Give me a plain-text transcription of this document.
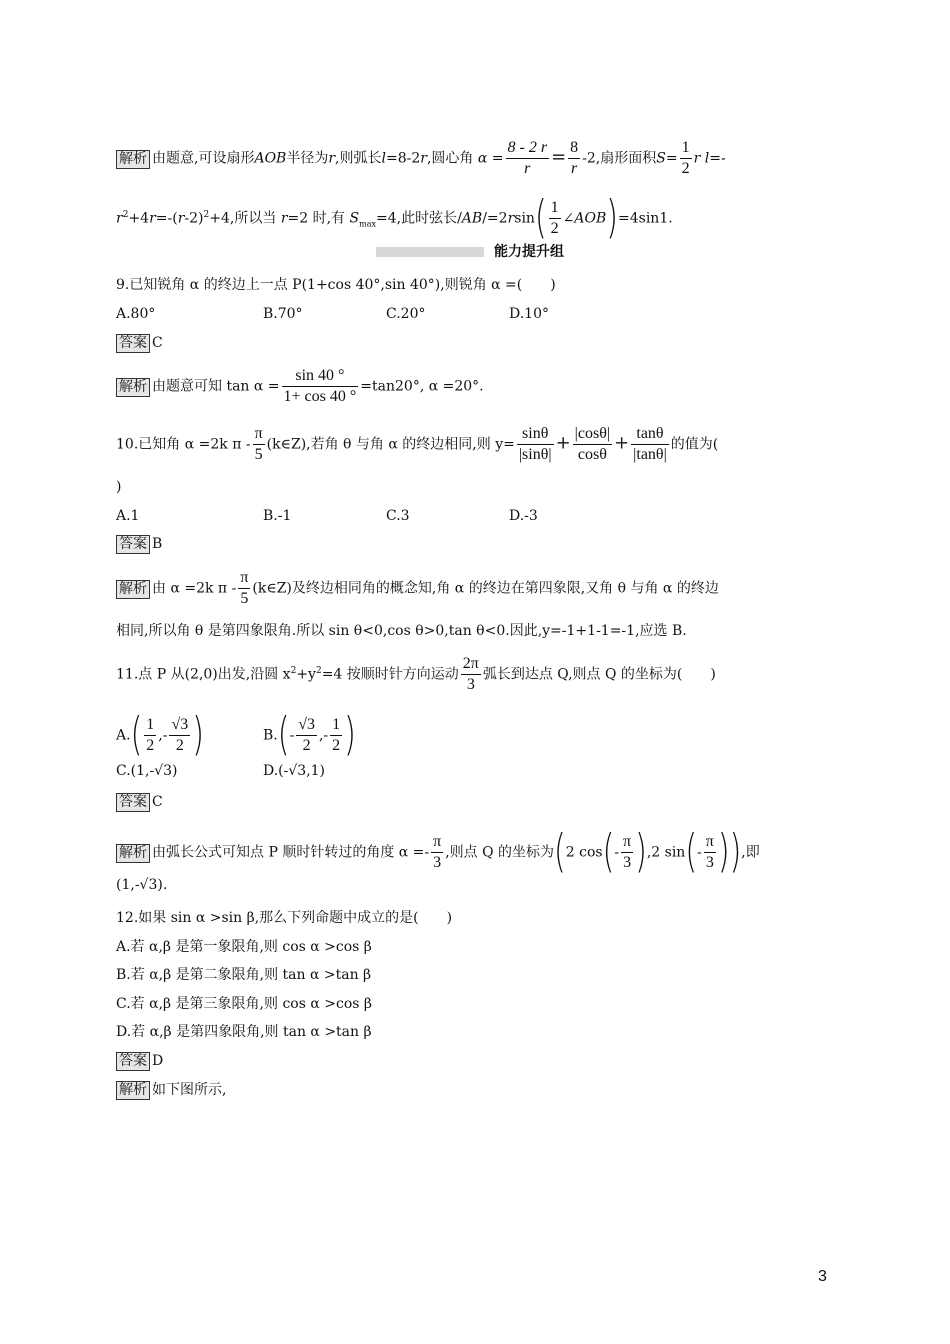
解析 由题意,可设扇形AOB半径为r,则弧长l=8-2r,圆心角 $\alpha = \frac{8 - 2 r}{r} = \frac{8}{r} -2$,扇形面积$S= \frac{1}{2}$ r l=-
$r^2+4r=-(r-2)^2+4$,所以当 r=2 时,有 $S_{max}=4$,此时弦长$/AB/=2rsin( \frac{1}{2}$ ∠AOB)=4sin1.
能力提升组
9.已知锐角 α 的终边上一点 P(1+cos 40°,sin 40°),则锐角 α =(　　)
A.80°	B.70°	C.20°	D.10°
答案 C
解析 由题意可知 $\tan \alpha = \frac{\sin 40 ^\circ}{1+ \cos 40 ^\circ} =\tan 20^\circ$, α =20°.
10.已知角 α =2k π - $\frac{\pi}{5}$ (k∈Z),若角 θ 与角 α 的终边相同,则 $y= \frac{\sin\theta}{|\sin\theta|} + \frac{|\cos\theta|}{\cos\theta} + \frac{\tan\theta}{|\tan\theta|}$ 的值为(
)
A.1	B.-1	C.3	D.-3
答案 B
解析 由 α =2k π - $\frac{\pi}{5}$ (k∈Z)及终边相同角的概念知,角 α 的终边在第四象限,又角 θ 与角 α 的终边
相同,所以角 θ 是第四象限角.所以 sin θ<0,cos θ>0,tan θ<0.因此,y=-1+1-1=-1,应选 B.
11.点 P 从(2,0)出发,沿圆 $x^2+y^2=4$ 按顺时针方向运动 $\frac{2\pi}{3}$ 弧长到达点 Q,则点 Q 的坐标为(　　)
$A.( \frac{1}{2}$ ,- $\frac{√3}{2}$ )	$B.(- \frac{√3}{2}$ ,- $\frac{1}{2}$ )
C.(1,-√3)	D.(-√3,1)
答案 C
解析 由弧长公式可知点 P 顺时针转过的角度 $\alpha =- \frac{\pi}{3}$ ,则点 Q 的坐标为(2 $\cos(- \frac{\pi}{3} ),2$ $\sin(- \frac{\pi}{3}$ )),即
(1,-√3).
12.如果 sin α >sin β,那么下列命题中成立的是(　　)
A.若 α,β 是第一象限角,则 cos α >cos β
B.若 α,β 是第二象限角,则 tan α >tan β
C.若 α,β 是第三象限角,则 cos α >cos β
D.若 α,β 是第四象限角,则 tan α >tan β
答案 D
解析 如下图所示,
3
